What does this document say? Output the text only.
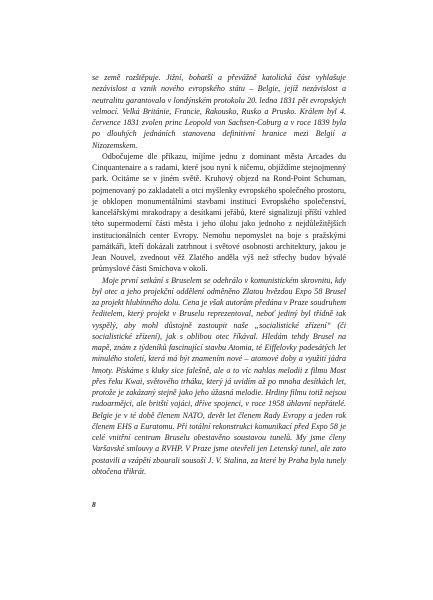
se země rozštěpuje. Jižní, bohatší a převážně katolická část vyhlašuje nezávislost a vznik nového evropského státu – Belgie, jejíž nezávislost a neutralitu garantovalo v londýnském protokolu 20. ledna 1831 pět evropských velmocí. Velká Británie, Francie, Rakousko, Rusko a Prusko. Králem byl 4. července 1831 zvolen princ Leopold von Sachsen-Coburg a v roce 1839 byla po dlouhých jednáních stanovena definitivní hranice mezi Belgií a Nizozemskem.

Odbočujeme dle příkazu, míjíme jednu z dominant města Arcades du Cinquantenaire a s radami, které jsou nyní k ničemu, objíždíme stejnojmenný park. Ocitáme se v jiném světě. Kruhový objezd na Rond-Point Schuman, pojmenovaný po zakladateli a otci myšlenky evropského společného prostoru, je obklopen monumentálními stavbami institucí Evropského společenství, kancelářskými mrakodrapy a desítkami jeřábů, které signalizují příští vzhled této supermoderní části města i jeho úlohu jako jednoho z nejdůležitějších institucionálních center Evropy. Nemohu nepomyslet na boje s pražskými památkáři, kteří dokázali zatrhnout i světové osobnosti architektury, jakou je Jean Nouvel, zvednout věž Zlatého anděla výš než střechy budov bývalé průmyslové části Smíchova v okolí.

Moje první setkání s Bruselem se odehrálo v komunistickém skrovnitu, kdy byl otec a jeho projekční oddělení odměněno Zlatou hvězdou Expo 58 Brusel za projekt hlubinného dolu. Cena je však autorům předána v Praze soudruhem ředitelem, který projekt v Bruselu reprezentoval, neboť jediný byl třídně tak vyspělý, aby mohl důstojně zastoupit naše „socialistické zřízení“ (či socialistické zřízení), jak s oblibou otec říkával. Hledám tehdy Brusel na mapě, znám z týdeníků fascinující stavbu Atomia, té Eiffelovky padesátých let minulého století, která má být znamením nové – atomové doby a využití jádra hmoty. Pískáme s kluky sice falešně, ale o to víc nahlas melodii z filmu Most přes řeku Kwai, světového trháku, který já uvidím až po mnoha desítkách let, protože je zakázaný stejně jako jeho úžasná melodie. Hrdiny filmu totiž nejsou rudoarmějci, ale britští vojáci, dříve spojenci, v roce 1958 úhlavní nepřátelé. Belgie je v té době členem NATO, devět let členem Rady Evropy a jeden rok členem EHS a Euratomu. Při totální rekonstrukci komunikací před Expo 58 je celé vnitřní centrum Bruselu obestavěno soustavou tunelů. My jsme ćleny Varšavské smlouvy a RVHP. V Praze jsme otevřeli jen Letenský tunel, ale zato postavili a vzápětí zbourali sousoší J. V. Stalina, za které by Praha byla tunely obtočena třikrát.

8
